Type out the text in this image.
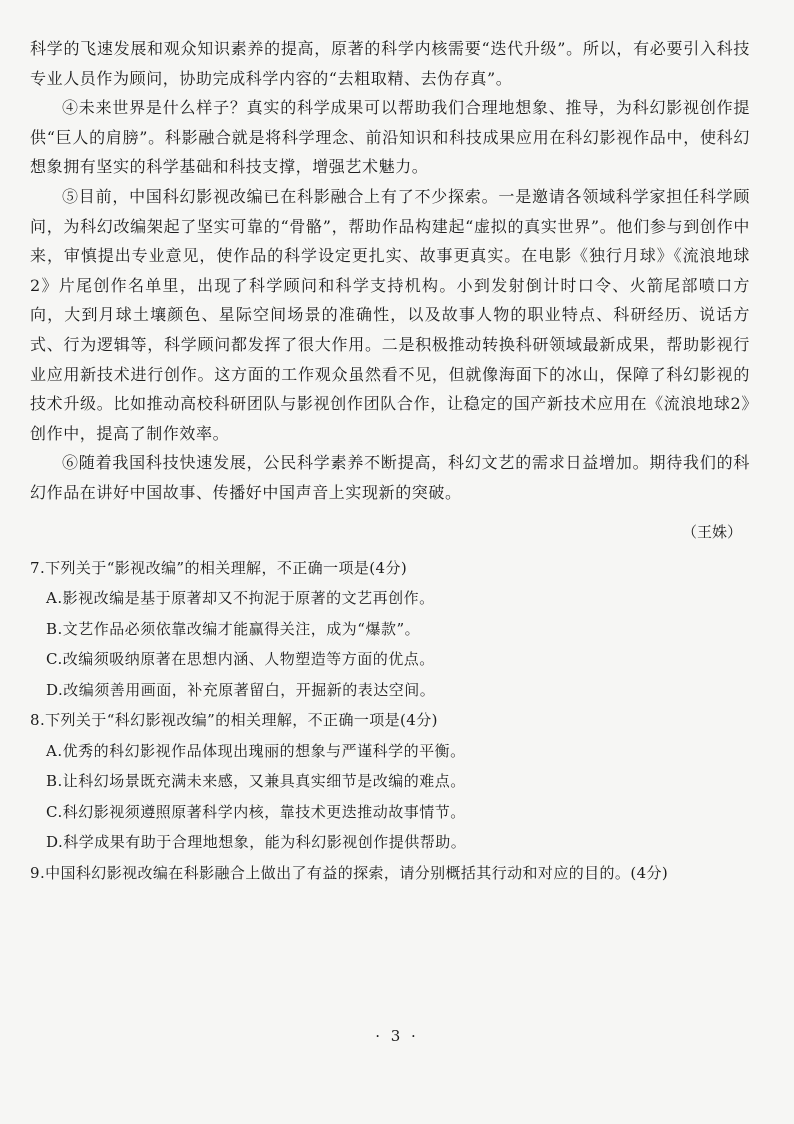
科学的飞速发展和观众知识素养的提高，原著的科学内核需要“迭代升级”。所以，有必要引入科技专业人员作为顾问，协助完成科学内容的“去粗取精、去伪存真”。

④未来世界是什么样子？真实的科学成果可以帮助我们合理地想象、推导，为科幻影视创作提供“巨人的肩膀”。科影融合就是将科学理念、前沿知识和科技成果应用在科幻影视作品中，使科幻想象拥有坚实的科学基础和科技支撑，增强艺术魅力。

⑤目前，中国科幻影视改编已在科影融合上有了不少探索。一是邀请各领域科学家担任科学顾问，为科幻改编架起了坚实可靠的“骨骼”，帮助作品构建起“虚拟的真实世界”。他们参与到创作中来，审慎提出专业意见，使作品的科学设定更扎实、故事更真实。在电影《独行月球》《流浪地球2》片尾创作名单里，出现了科学顾问和科学支持机构。小到发射倒计时口令、火箭尾部喷口方向，大到月球土壤颜色、星际空间场景的准确性，以及故事人物的职业特点、科研经历、说话方式、行为逻辑等，科学顾问都发挥了很大作用。二是积极推动转换科研领域最新成果，帮助影视行业应用新技术进行创作。这方面的工作观众虽然看不见，但就像海面下的冰山，保障了科幻影视的技术升级。比如推动高校科研团队与影视创作团队合作，让稳定的国产新技术应用在《流浪地球2》创作中，提高了制作效率。

⑥随着我国科技快速发展，公民科学素养不断提高，科幻文艺的需求日益增加。期待我们的科幻作品在讲好中国故事、传播好中国声音上实现新的突破。

（王姝）

7.下列关于“影视改编”的相关理解，不正确一项是(4分)

A.影视改编是基于原著却又不拘泥于原著的文艺再创作。

B.文艺作品必须依靠改编才能赢得关注，成为“爆款”。

C.改编须吸纳原著在思想内涵、人物塑造等方面的优点。

D.改编须善用画面，补充原著留白，开掘新的表达空间。

8.下列关于“科幻影视改编”的相关理解，不正确一项是(4分)

A.优秀的科幻影视作品体现出瑰丽的想象与严谨科学的平衡。

B.让科幻场景既充满未来感，又兼具真实细节是改编的难点。

C.科幻影视须遵照原著科学内核，靠技术更迭推动故事情节。

D.科学成果有助于合理地想象，能为科幻影视创作提供帮助。

9.中国科幻影视改编在科影融合上做出了有益的探索，请分别概括其行动和对应的目的。(4分)

· 3 ·
